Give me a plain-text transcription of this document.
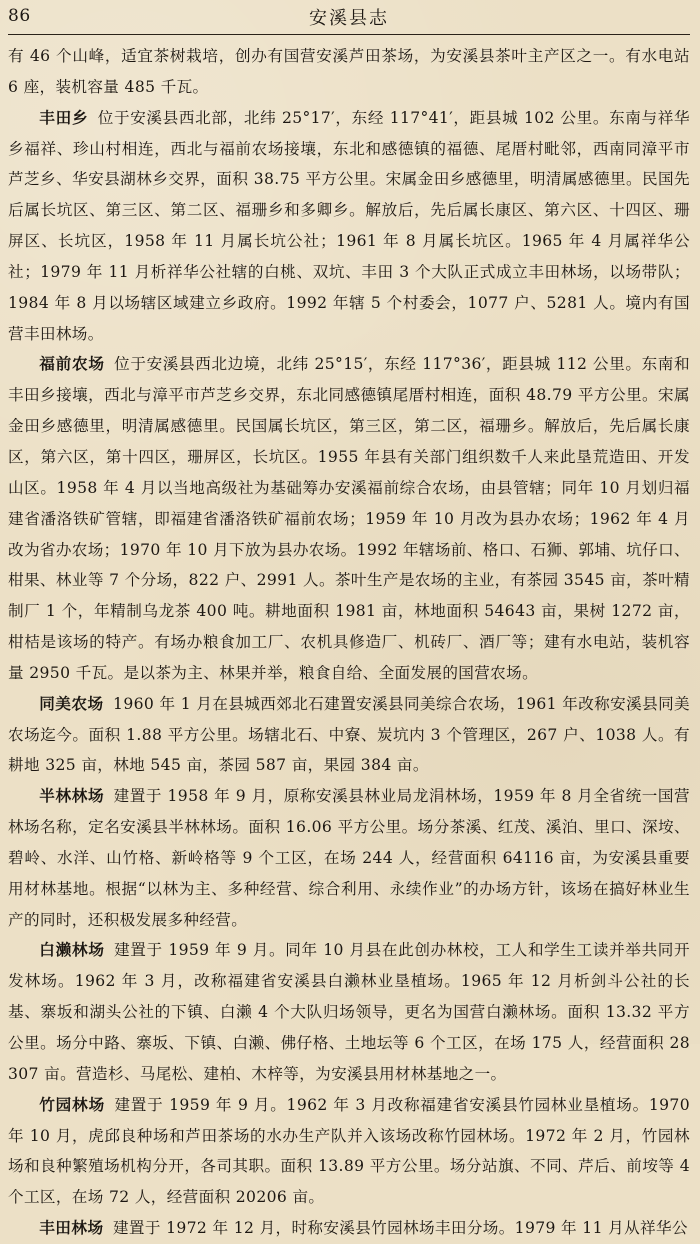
86	安溪县志

有 46 个山峰，适宜茶树栽培，创办有国营安溪芦田茶场，为安溪县茶叶主产区之一。有水电站 6 座，装机容量 485 千瓦。

丰田乡 位于安溪县西北部，北纬 25°17′，东经 117°41′，距县城 102 公里。东南与祥华乡福祥、珍山村相连，西北与福前农场接壤，东北和感德镇的福德、尾厝村毗邻，西南同漳平市芦芝乡、华安县湖林乡交界，面积 38.75 平方公里。宋属金田乡感德里，明清属感德里。民国先后属长坑区、第三区、第二区、福珊乡和多卿乡。解放后，先后属长康区、第六区、十四区、珊屏区、长坑区，1958 年 11 月属长坑公社；1961 年 8 月属长坑区。1965 年 4 月属祥华公社；1979 年 11 月析祥华公社辖的白桃、双坑、丰田 3 个大队正式成立丰田林场，以场带队；1984 年 8 月以场辖区域建立乡政府。1992 年辖 5 个村委会，1077 户、5281 人。境内有国营丰田林场。

福前农场 位于安溪县西北边境，北纬 25°15′，东经 117°36′，距县城 112 公里。东南和丰田乡接壤，西北与漳平市芦芝乡交界，东北同感德镇尾厝村相连，面积 48.79 平方公里。宋属金田乡感德里，明清属感德里。民国属长坑区，第三区，第二区，福珊乡。解放后，先后属长康区，第六区，第十四区，珊屏区，长坑区。1955 年县有关部门组织数千人来此垦荒造田、开发山区。1958 年 4 月以当地高级社为基础筹办安溪福前综合农场，由县管辖；同年 10 月划归福建省潘洛铁矿管辖，即福建省潘洛铁矿福前农场；1959 年 10 月改为县办农场；1962 年 4 月改为省办农场；1970 年 10 月下放为县办农场。1992 年辖场前、格口、石狮、郭埔、坑仔口、柑果、林业等 7 个分场，822 户、2991 人。茶叶生产是农场的主业，有茶园 3545 亩，茶叶精制厂 1 个，年精制乌龙茶 400 吨。耕地面积 1981 亩，林地面积 54643 亩，果树 1272 亩，柑桔是该场的特产。有场办粮食加工厂、农机具修造厂、机砖厂、酒厂等；建有水电站，装机容量 2950 千瓦。是以茶为主、林果并举，粮食自给、全面发展的国营农场。

同美农场 1960 年 1 月在县城西郊北石建置安溪县同美综合农场，1961 年改称安溪县同美农场迄今。面积 1.88 平方公里。场辖北石、中寮、炭坑内 3 个管理区，267 户、1038 人。有耕地 325 亩，林地 545 亩，茶园 587 亩，果园 384 亩。

半林林场 建置于 1958 年 9 月，原称安溪县林业局龙涓林场，1959 年 8 月全省统一国营林场名称，定名安溪县半林林场。面积 16.06 平方公里。场分茶溪、红茂、溪泊、里口、深垵、碧岭、水洋、山竹格、新岭格等 9 个工区，在场 244 人，经营面积 64116 亩，为安溪县重要用材林基地。根据“以林为主、多种经营、综合利用、永续作业”的办场方针，该场在搞好林业生产的同时，还积极发展多种经营。

白濑林场 建置于 1959 年 9 月。同年 10 月县在此创办林校，工人和学生工读并举共同开发林场。1962 年 3 月，改称福建省安溪县白濑林业垦植场。1965 年 12 月析剑斗公社的长基、寨坂和湖头公社的下镇、白濑 4 个大队归场领导，更名为国营白濑林场。面积 13.32 平方公里。场分中路、寨坂、下镇、白濑、佛仔格、土地坛等 6 个工区，在场 175 人，经营面积 28307 亩。营造杉、马尾松、建柏、木梓等，为安溪县用材林基地之一。

竹园林场 建置于 1959 年 9 月。1962 年 3 月改称福建省安溪县竹园林业垦植场。1970 年 10 月，虎邱良种场和芦田茶场的水办生产队并入该场改称竹园林场。1972 年 2 月，竹园林场和良种繁殖场机构分开，各司其职。面积 13.89 平方公里。场分站旗、不同、芹后、前垵等 4 个工区，在场 72 人，经营面积 20206 亩。

丰田林场 建置于 1972 年 12 月，时称安溪县竹园林场丰田分场。1979 年 11 月从祥华公
